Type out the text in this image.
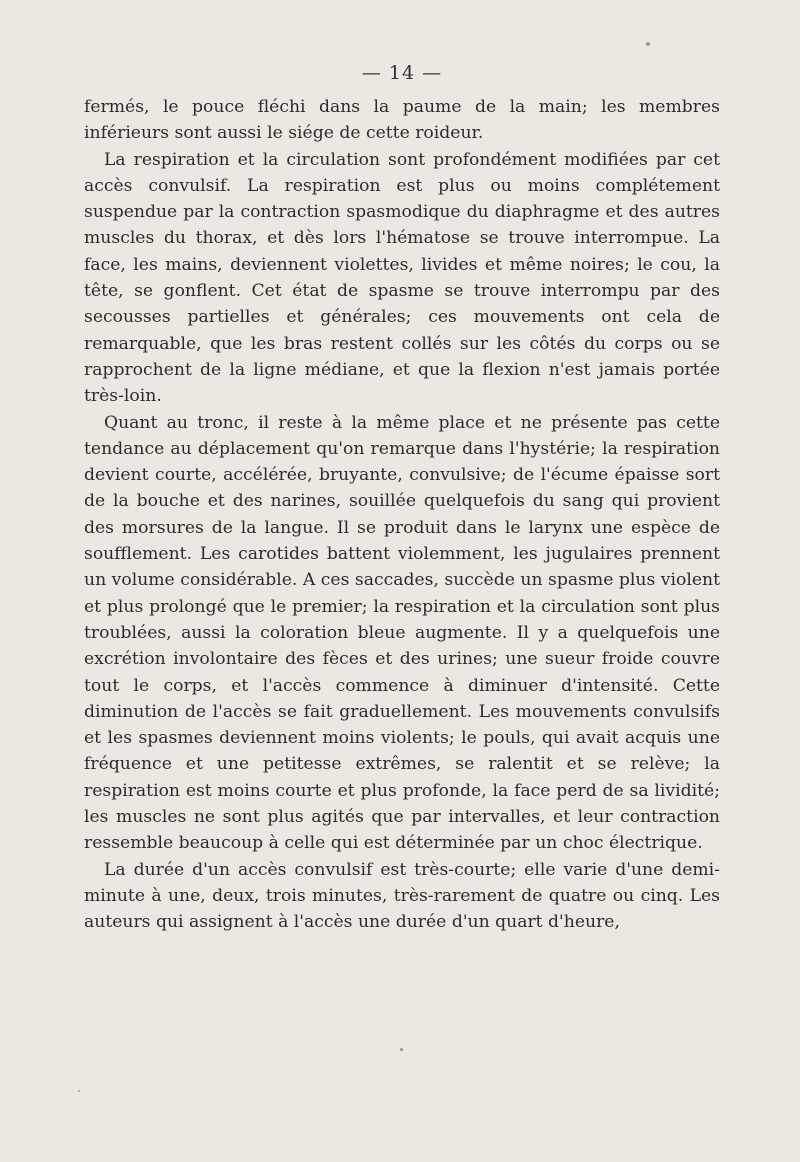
— 14 —

fermés, le pouce fléchi dans la paume de la main; les membres inférieurs sont aussi le siége de cette roideur.

La respiration et la circulation sont profondément modifiées par cet accès convulsif. La respiration est plus ou moins complétement suspendue par la contraction spasmodique du diaphragme et des autres muscles du thorax, et dès lors l'hématose se trouve interrompue. La face, les mains, deviennent violettes, livides et même noires; le cou, la tête, se gonflent. Cet état de spasme se trouve interrompu par des secousses partielles et générales; ces mouvements ont cela de remarquable, que les bras restent collés sur les côtés du corps ou se rapprochent de la ligne médiane, et que la flexion n'est jamais portée très-loin.

Quant au tronc, il reste à la même place et ne présente pas cette tendance au déplacement qu'on remarque dans l'hystérie; la respiration devient courte, accélérée, bruyante, convulsive; de l'écume épaisse sort de la bouche et des narines, souillée quelquefois du sang qui provient des morsures de la langue. Il se produit dans le larynx une espèce de soufflement. Les carotides battent violemment, les jugulaires prennent un volume considérable. A ces saccades, succède un spasme plus violent et plus prolongé que le premier; la respiration et la circulation sont plus troublées, aussi la coloration bleue augmente. Il y a quelquefois une excrétion involontaire des fèces et des urines; une sueur froide couvre tout le corps, et l'accès commence à diminuer d'intensité. Cette diminution de l'accès se fait graduellement. Les mouvements convulsifs et les spasmes deviennent moins violents; le pouls, qui avait acquis une fréquence et une petitesse extrêmes, se ralentit et se relève; la respiration est moins courte et plus profonde, la face perd de sa lividité; les muscles ne sont plus agités que par intervalles, et leur contraction ressemble beaucoup à celle qui est déterminée par un choc électrique.

La durée d'un accès convulsif est très-courte; elle varie d'une demi-minute à une, deux, trois minutes, très-rarement de quatre ou cinq. Les auteurs qui assignent à l'accès une durée d'un quart d'heure,
